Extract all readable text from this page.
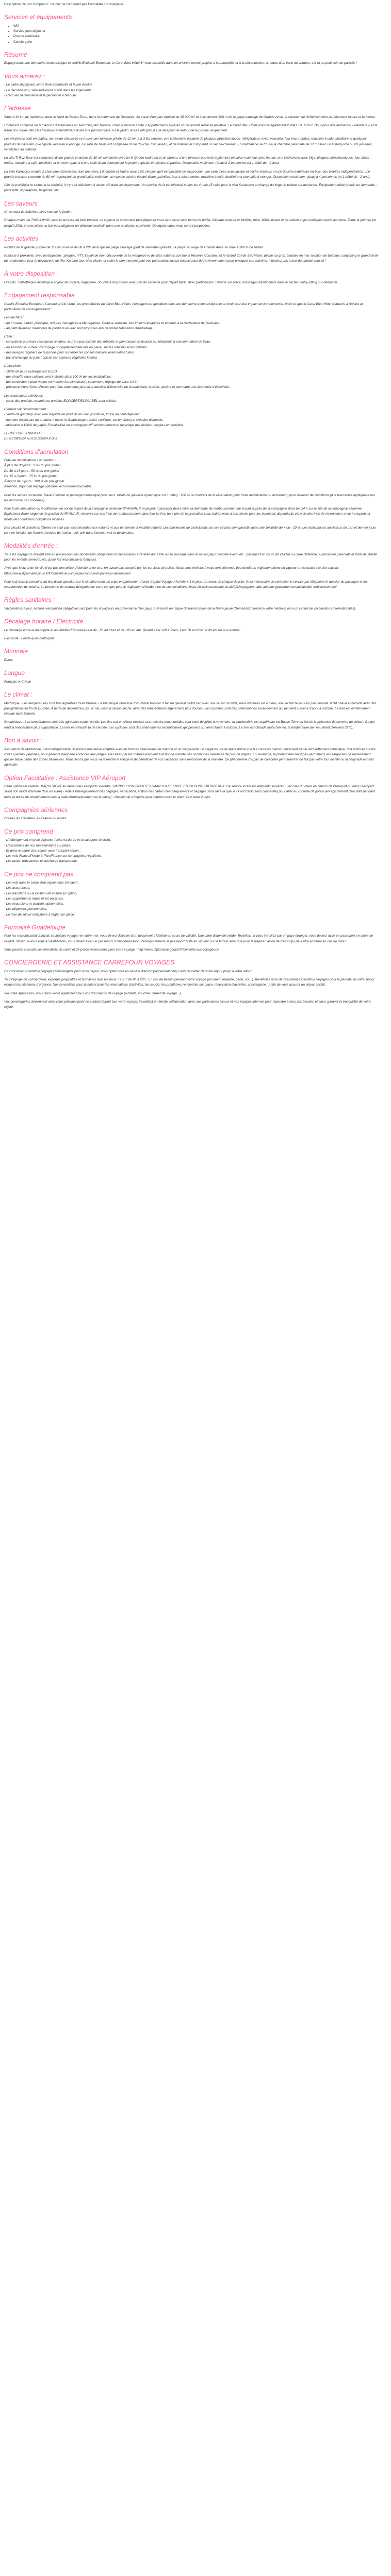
Description Ce prix comprend : Ce prix ne comprend pas Formalités Conciergerie

Services et équipements
• Wifi
• Service petit-déjeuner
• Piscine extérieure
• Conciergerie
Résumé

Engagé dans une démarche écotouristique et certifié Ecolabel Européen, le Caret Bleu Hôtel 3* vous accueille dans un environnement propice à la tranquillité et à la déconnexion, au cœur d'un écrin de verdure, sûr et au petit coin de paradis !

Vous aimerez :
- Le cadre dépaysant, entre flore abondante et faune insolite
- La déconnexion, sans télévision ni wifi dans les logements
- L'accueil personnalisé et le personnel à l'écoute
L'adresse

Situé à 40 km de l'aéroport, dans le Nord de Basse-Terre, dans la commune de Deshaies. Au cœur d'un parc tropical de 15 000 m² et à seulement 300 m de la plage sauvage de Grande Anse, la situation de l'hôtel combine parfaitement nature et farniente.

L'hôtel est composé de 6 maisons disséminées au sein d'un parc tropical, chaque maison abrite 2 appartements équipés d'une grande terrasse privative. Le Caret Bleu Hôtel propose également 2 villas : le Ti Ruz, Bour pour une ambiance « Palmiers » et la Karacoco située dans les hauteurs et bénéficiant d'une vue panoramique sur le jardin. Accès wifi gratuit à la réception et autour de la piscine uniquement.

Les chambres sont en duplex, au rez-de-chaussée se trouve une terrasse privée de 12 m², 2 à 3 lits simples, une kitchenette équipée de plaques vitrocéramiques, réfrigérateur, évier, vaisselle, four micro-ondes, machine à café, bouilloire et quelques produits de base tels que liquide vaisselle & éponge. La salle de bains est composée d'une douche, d'un lavabo, et de toilettes et comprend un sèche-cheveux. En mezzanine se trouve la chambre parentale de 32 m² avec un lit King-size ou lits jumeaux, ventilateur au plafond.

La villa Ti Ruz Bour est composée d'une grande chambre de 30 m² climatisée avec un lit Queen-bedroom et un bureau, d'une terrasse couverte également un salon extérieur avec hamac, une kitchenette avec frigo, plaques vitrocéramiques, four micro-ondes, machine à café, bouilloire et un coin repas et d'une salle d'eau donnant sur le jardin tropicale et toilettes séparées. Occupation maximum : jusqu'à 2 personnes (et 1 bébé de - 2 ans).

La Villa Karacoco compte 2 chambres climatisées dont une avec 1 lit double et l'autre avec 2 lits simples qu'il est possible de rapprocher, une salle d'eau avec lavabo et sèche-cheveux et une douche extérieure en bois, des toilettes indépendantes, une grande terrasse couverte de 60 m² regroupant un grand salon extérieur, un espace cuisine équipé d'une gazinière, four à micro-ondes, machine à café, bouilloire et une salle à manger. Occupation maximum : jusqu'à 4 personnes (et 1 bébé de - 2 ans).

Afin de privilégier le calme et la sérénité, il n'y a ni télévision ni accès wifi dans les logements. Un service de lit est effectué toutes les 4 nuits (5 nuits pour la villa Karacoco) et change du linge de toilette sur demande. Équipement bébé gratuit sur demande : poussette, lit parapluie, baignoire, etc.

Les saveurs

Un contact de fraîcheur avec vue sur le jardin !

Chaque matin, de 7h30 à 9h30, sous la terrasse en bois tropical, un copieux et savoureux petit-déjeuner vous sera servi sous forme de buffet. Gâteaux maison et Muffins, fruits 100% locaux et de saison et jus exotiques servis au menu. Toute la journée (et jusqu'à 20h), prenez place au bar pour déguster un délicieux cocktail, dans une ambiance conviviale. Quelques tapas vous seront proposées.

Les activités

Profitez de la grande piscine de 112 m² ouverte de 8h à 20h ainsi qu'une plage sauvage (prêt de serviettes gratuit). La plage sauvage de Grande Anse se situe à 300 m de l'hôtel.

Pratique à proximité, avec participation : plongée, VTT, kayak de mer, découverte de la mangrove et de sites naturels comme la Réserve Cousteau et le Grand Cul-de-Sac Marin, pêche au gros, balades en mer, location de bateaux, canyoning et grand choix de randonnées pour la découverte de l'île, Karibou tour, Néo-Marin, et selon le bon moment pour vos partenaires locaux respectueux de l'environnement pour pratiquer ces activités, n'hésitez pas à leur demander conseil !

À votre disposition

Gratuits : bibliothèque multilingue et jeux de société, bagagerie, douche à disposition avec prêt de serviette pour départ tardif. Avec participation : laverie sur place, massages traditionnels dans le cachet, baby-sitting sur demande.

Engagement responsable

Certifié Ecolabel Européen, Canerel et Clé Verte, les propriétaires du Caret Bleu Hôtel, s'engagent au quotidien dans une démarche écotouristique pour minimiser leur impact environnemental. Voici ce que le Caret Bleu Hôtel s'attache à réduire et partenaires de cet engagement :

Les déchets :
- un tri varre, carton, plastique, ordures ménagères a été organisé. Chaque semaine, ces tri sont récupérés et amenés à la déchetterie de Deshaies.
- au petit déjeuner, beaucoup de produits en vrac sont proposés afin de limiter l'utilisation d'emballage.
L'eau :
- consciente que leurs ressources limitées, ils n'ont pas installé des robinets et pommeaux de douche qui réduisent la consommation de l'eau.
- un économiseur d'eau d'arrosage ont également été mis en place, sur les robinets et les toilettes.
- des lavages réguliers de la piscine pour surveiller les consommations éventuelles fuites.
- pas d'arrosage du parc tropical, car espèces végétales locales.
L'électricité :
- 100% de leurs éclairage est à LED
- des chauffe-eaux solaires sont installés dans 100 % de vos installations.
- des contacteurs pour mettre en marche les climatiseurs seulement, réglage de base à 24°.
- présence d'une Smart Flower pour être autonome pour la production d'électricité de la buanderie, cuisine, piscine et permettre une économie d'électricité.
Les substances chimiques :
- seuls des produits naturels ou produits ECOCERT/ECOLABEL sont utilisés.
L'impact sur l'environnement :
- Vente de goodings avec une majorité de produits en vrac (confiture, fruits) au petit-déjeuner.
- membre impliquant de produits « made in Guadeloupe » (miel, confiture, savon, fruits) et création d'emplois.
- utilisation à 100% de papier Ecolabellisé ou enveloppes NF environnement et recyclage des feuilles usagées en brouillon.
FERMETURE ANNUELLE :
Du 01/09/2024 au 01/10/2024 inclus
Conditions d'annulation
Frais de modifications / annulation :
À plus de 30 jours : 25% du prix global
De 30 à 15 jours : 50 % du prix global
De 15 à 3 jours : 75 % du prix global
À moins de 3 jours : 100 % du prix global
Attention, l'ajout de bagage optionnel est non-remboursable.

Pour les ventes occasions Travel Explorer et package thématique (vols secs, billets ou package dynamique vol + hôtel) : 100 % du montant de la réservation pour toute modification ou annulation, pour réserver de conditions plus favorables appliquées par les fournisseurs concernés).

Pour toute annulation ou modification de vol de la part de la compagnie aérienne RYANAIR, le voyageur / passager devra faire sa demande de remboursement de la part auprès de la compagnie dans les 24 h sur le site de la compagnie aérienne. Également d'une exigence de gestion de RYANAIR, réservez sur ces frais de remboursement dans leur tarif ou hors prix de la prestation sous-traitée mais à ses clients pour les éventuels dépendants vis à vis des frais de réservation, et de transports et billets des conditions obligations incluses.

Des circuits et croisières flânées ne sont pas recommandés aux enfants et aux personnes à mobilité réduite. Les maximums de participants sur ces circuits sont garantis avec une flexibilité de + ou - 10 %. Les épiléptiques au-dessus de 1an et dernier jours sont en fonction de l'heure d'arrivée de l'avion : voir prix dans l'annexe voir la destination.

Modalités d'entrée :

Tous les voyageurs doivent être en possession des documents obligatoires et nécessaires à l'entrée dans l'île ou au passage dans le ou les pays d'escale éventuels : passeport en cours de validité ou carte d'identité, autorisation parentale et livret de famille pour les enfants mineurs, etc. (pour les ressortissants français).

Avoir que le livret de famille n'est pas une pièce d'identité et ne sera en aucun cas accepté par les services de police. Nous vous invitons à vous tenir informés des dernières réglementations en vigueur en consultant le site suivant : https://www.diplomatie.gouv.fr/fr/conseils-aux-voyageurs/conseils-par-pays-destination/

Pour tout besoin consulter au lieu d'une question sur la situation dans un pays en particulier : Accès Capital Voyage / Arrivée + 1 et plus. Au cours de chaque dossier, il est nécessaire de contacter le service par téléphone le dossier du passager et les coordonnées de celui-ci. La personne de contact désignée sur votre compte pour le règlement d'incident ou de ses conditions. https://fr.airlinessecurite.co.uk/fr/fr/voyageurs-aide-autorite-gouvernementale/lat/aide-tertiaire/contact/

Règles sanitaires :

Vaccinations à jour. Aucune vaccination obligatoire sauf pour les voyageurs en provenance d'un pays où il existe un risque de transmission de la fièvre jaune (Demandez conseil à votre médecin ou à un centre de vaccinations internationales).

Décalage horaire / Électricité :

Le décalage entre la métropole et les Antilles Françaises est de - 5h en hiver et de - 6h en été. Quand il est 12h à Paris, il est 7h en hiver et 6h en été aux Antilles.

Électricité : Fondé quim métropole

Monnaie

Euros

Langue

Français et Créole

Le climat :

Martinique : Les températures sont très agréables toute l'année. La Martinique bénéficie d'un climat tropical. Il fait en général plutôt sec avec une saison humide, mais d'années en années, elle se fait de plus en plus humide. Il fait chaud et humide avec des précipitations en fin de journée. À partir de décembre jusqu'à mai, c'est la saison sèche, avec des températures légèrement plus douces. Les cyclones sont des phénomènes exceptionnels qui peuvent survenir d'août à octobre. La mer est extrêmement chaude toute l'année.

Guadeloupe : Les températures sont très agréables toute l'année. Les îles ont un climat tropical. Les mois les plus humides sont ceux de juillet à novembre, la pluviométrie est supérieure en Basse-Terre du fait de la présence du sommet du volcan. Ce qui rend la température plus supportable. La mer est chaude toute l'année. Les cyclones sont des phénomènes exceptionnels qui peuvent survenir d'août à octobre. La mer est chaude toute l'année, la température de l'eau étant d'environ 27°C.

Bon à savoir :

Assurance de randonnée, il est indispensable de prévoir une tenue adaptée avec de bonnes chaussures de marche et un coupe-vent. Le sargasse, cette algue brune que les courants marins, déversent par le réchauffement climatique, font échouer sur les côtes guadeloupéennes, pour gêner la baignade et l'accès aux plages. Des liens par les marées envoient à la bonne volonté des communes riveraines de plus de plages. En revanche, le phénomène n'est pas permanent, les sargasses ne représentent qu'une faible partie des zones balnéaires. Nous avons pas vous vous rendre le village et de bénéficier de vos vacances sans rencontrer de la manière. Ce phénomène n'a pas de caractère permanent et ne fait pas votre tour de l'île où la baignade est très agréable.

Option Facultative : Assistance VIP Aéroport

Cette option est valable UNIQUEMENT au départ des aéroports suivants : PARIS / LYON / NANTES / MARSEILLE / NICE / TOULOUSE / BORDEAUX. Ce service inclus les éléments suivants : - Accueil du client en dehors de l'aéroport ou dans l'aéroport selon son mode d'arrivée (taxi ou autre) - Aide à l'enregistrement des bagages, vérification, édition des cartes d'embarquement et bagages sans faire la queue - Fast track (sans coupe-file) pour aller au contrôle de police (enregistrement d'un staff pendant toute la durée du cheminement vers la salle d'embarquement ou le salon) - Gestion de n'importe quel imprévu avec le client. Prix base 2 pers.

Compagnies aériennes

Corsair, Air Caraïbes, Air France ou autres

Ce prix comprend
- L'hébergement en petit déjeuner (selon la durée et la catégorie choisie),
- L'assistance de nos représentants sur place,
- Et dans le cadre d'un séjour avec transport aérien :
- Les vols France/Pointe-à-Pitre/France sur compagnies régulières,
- Les taxes, redevances et surcharge transporteur.
Ce prix ne comprend pas
- Les vols dans le cadre d'un séjour sans transport,
- Les assurances,
- Les transferts ou la location de voiture en option,
- Les suppléments repas et les boissons,
- Les excursions et activités optionnelles,
- Les dépenses personnelles,
- La taxe de séjour obligatoire à régler sur place.
Formalité Guadeloupe

Pour les ressortissants français souhaitant voyager en outre-mer, vous devez disposer d'un document d'identité en cours de validité. Une carte d'identité valide. Toutefois, si vous transitez par un pays étranger, vous devrez avoir un passeport en cours de validité. Notez, si vous allez à Saint-Martin, vous devez avoir un passeport, homogénéisation, l'enregistrement, le passeport reste en vigueur sur le terrain ainsi que pour le trajet en avion de transit qui peut être entraîné en cas de retour.

Vous pouvez consulter les formalités de santé et de police nécessaires pour votre voyage : http://www.diplomatie.gouv.fr/fr/conseils-aux-voyageurs/

CONCIERGERIE ET ASSISTANCE CARREFOUR VOYAGES

En choisissant Carrefour Voyages Conciergerie pour votre séjour, vous optez pour un service d'accompagnement conçu afin de veiller de votre séjour jusqu'à votre retour.

Tout l'équipe de conciergerie, expertes polyglottes et humaines tous les mois 7 sur 7 de 9h à 20h : En cas de besoin pendant votre voyage (accident, maladie, perte, vol...). Bénéficiez ainsi de l'assistance Carrefour Voyages pour la période de votre séjour incluant les situations d'urgence. Nos conseillers vous épaulent pour les réservations d'activités, les soucis, les problèmes rencontrés sur place, réservation d'activités, conciergerie...) afin de vous assurer un séjour parfait.

Via notre application, vous retrouverez également tous vos documents de voyage (e-billets, voucher, carnet de voyage...).

Vos conciergeries deviennent ainsi votre principal point de contact durant tout votre voyage, travaillant en étroite collaboration avec nos partenaires locaux et nos équipes internes pour répondre à tous vos besoins et ainsi, garantir la tranquillité de votre séjour.
